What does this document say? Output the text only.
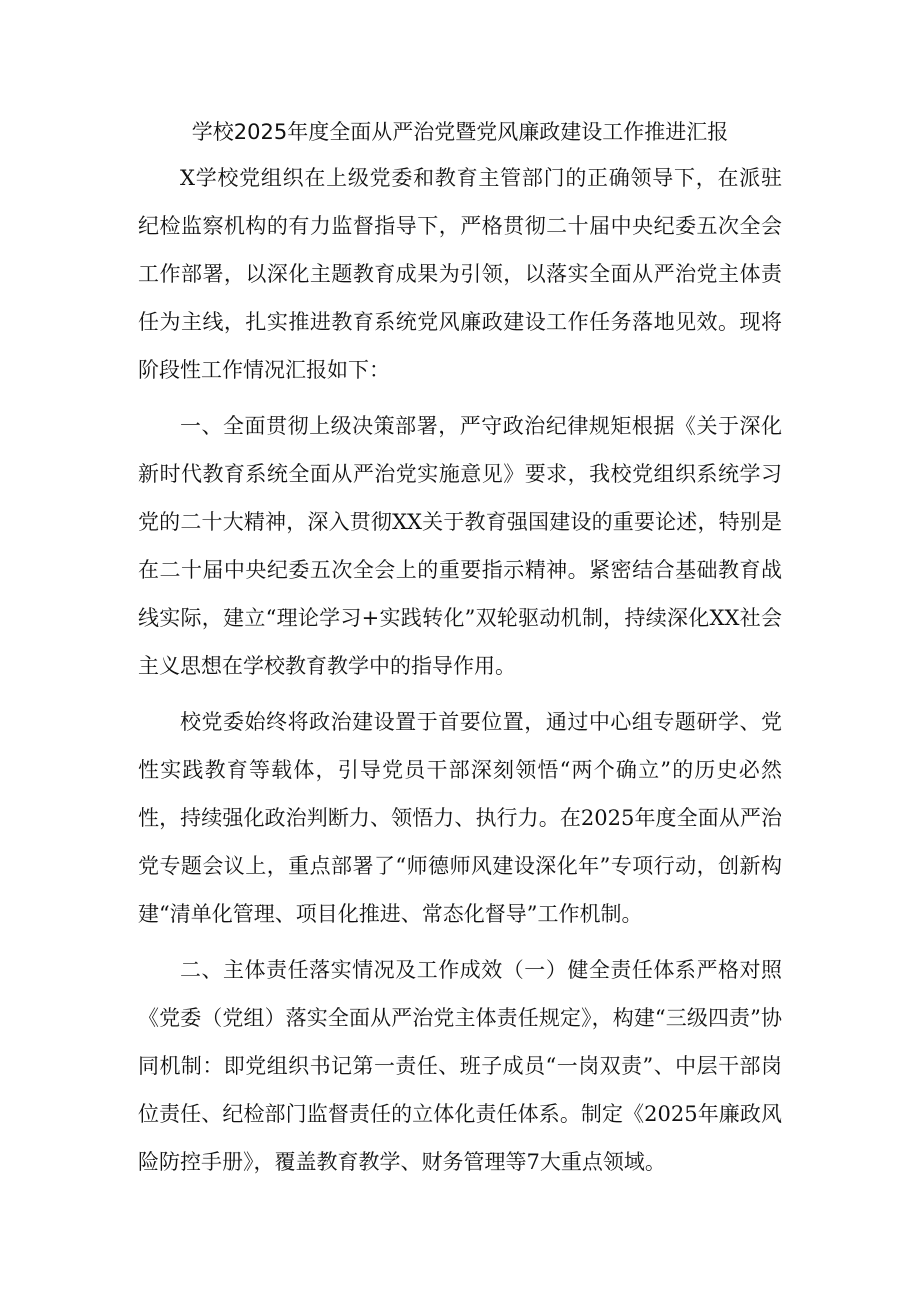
学校2025年度全面从严治党暨党风廉政建设工作推进汇报

X学校党组织在上级党委和教育主管部门的正确领导下，在派驻纪检监察机构的有力监督指导下，严格贯彻二十届中央纪委五次全会工作部署，以深化主题教育成果为引领，以落实全面从严治党主体责任为主线，扎实推进教育系统党风廉政建设工作任务落地见效。现将阶段性工作情况汇报如下：

一、全面贯彻上级决策部署，严守政治纪律规矩根据《关于深化新时代教育系统全面从严治党实施意见》要求，我校党组织系统学习党的二十大精神，深入贯彻XX关于教育强国建设的重要论述，特别是在二十届中央纪委五次全会上的重要指示精神。紧密结合基础教育战线实际，建立“理论学习+实践转化”双轮驱动机制，持续深化XX社会主义思想在学校教育教学中的指导作用。

校党委始终将政治建设置于首要位置，通过中心组专题研学、党性实践教育等载体，引导党员干部深刻领悟“两个确立”的历史必然性，持续强化政治判断力、领悟力、执行力。在2025年度全面从严治党专题会议上，重点部署了“师德师风建设深化年”专项行动，创新构建“清单化管理、项目化推进、常态化督导”工作机制。

二、主体责任落实情况及工作成效（一）健全责任体系严格对照《党委（党组）落实全面从严治党主体责任规定》，构建“三级四责”协同机制：即党组织书记第一责任、班子成员“一岗双责”、中层干部岗位责任、纪检部门监督责任的立体化责任体系。制定《2025年廉政风险防控手册》，覆盖教育教学、财务管理等7大重点领域。
